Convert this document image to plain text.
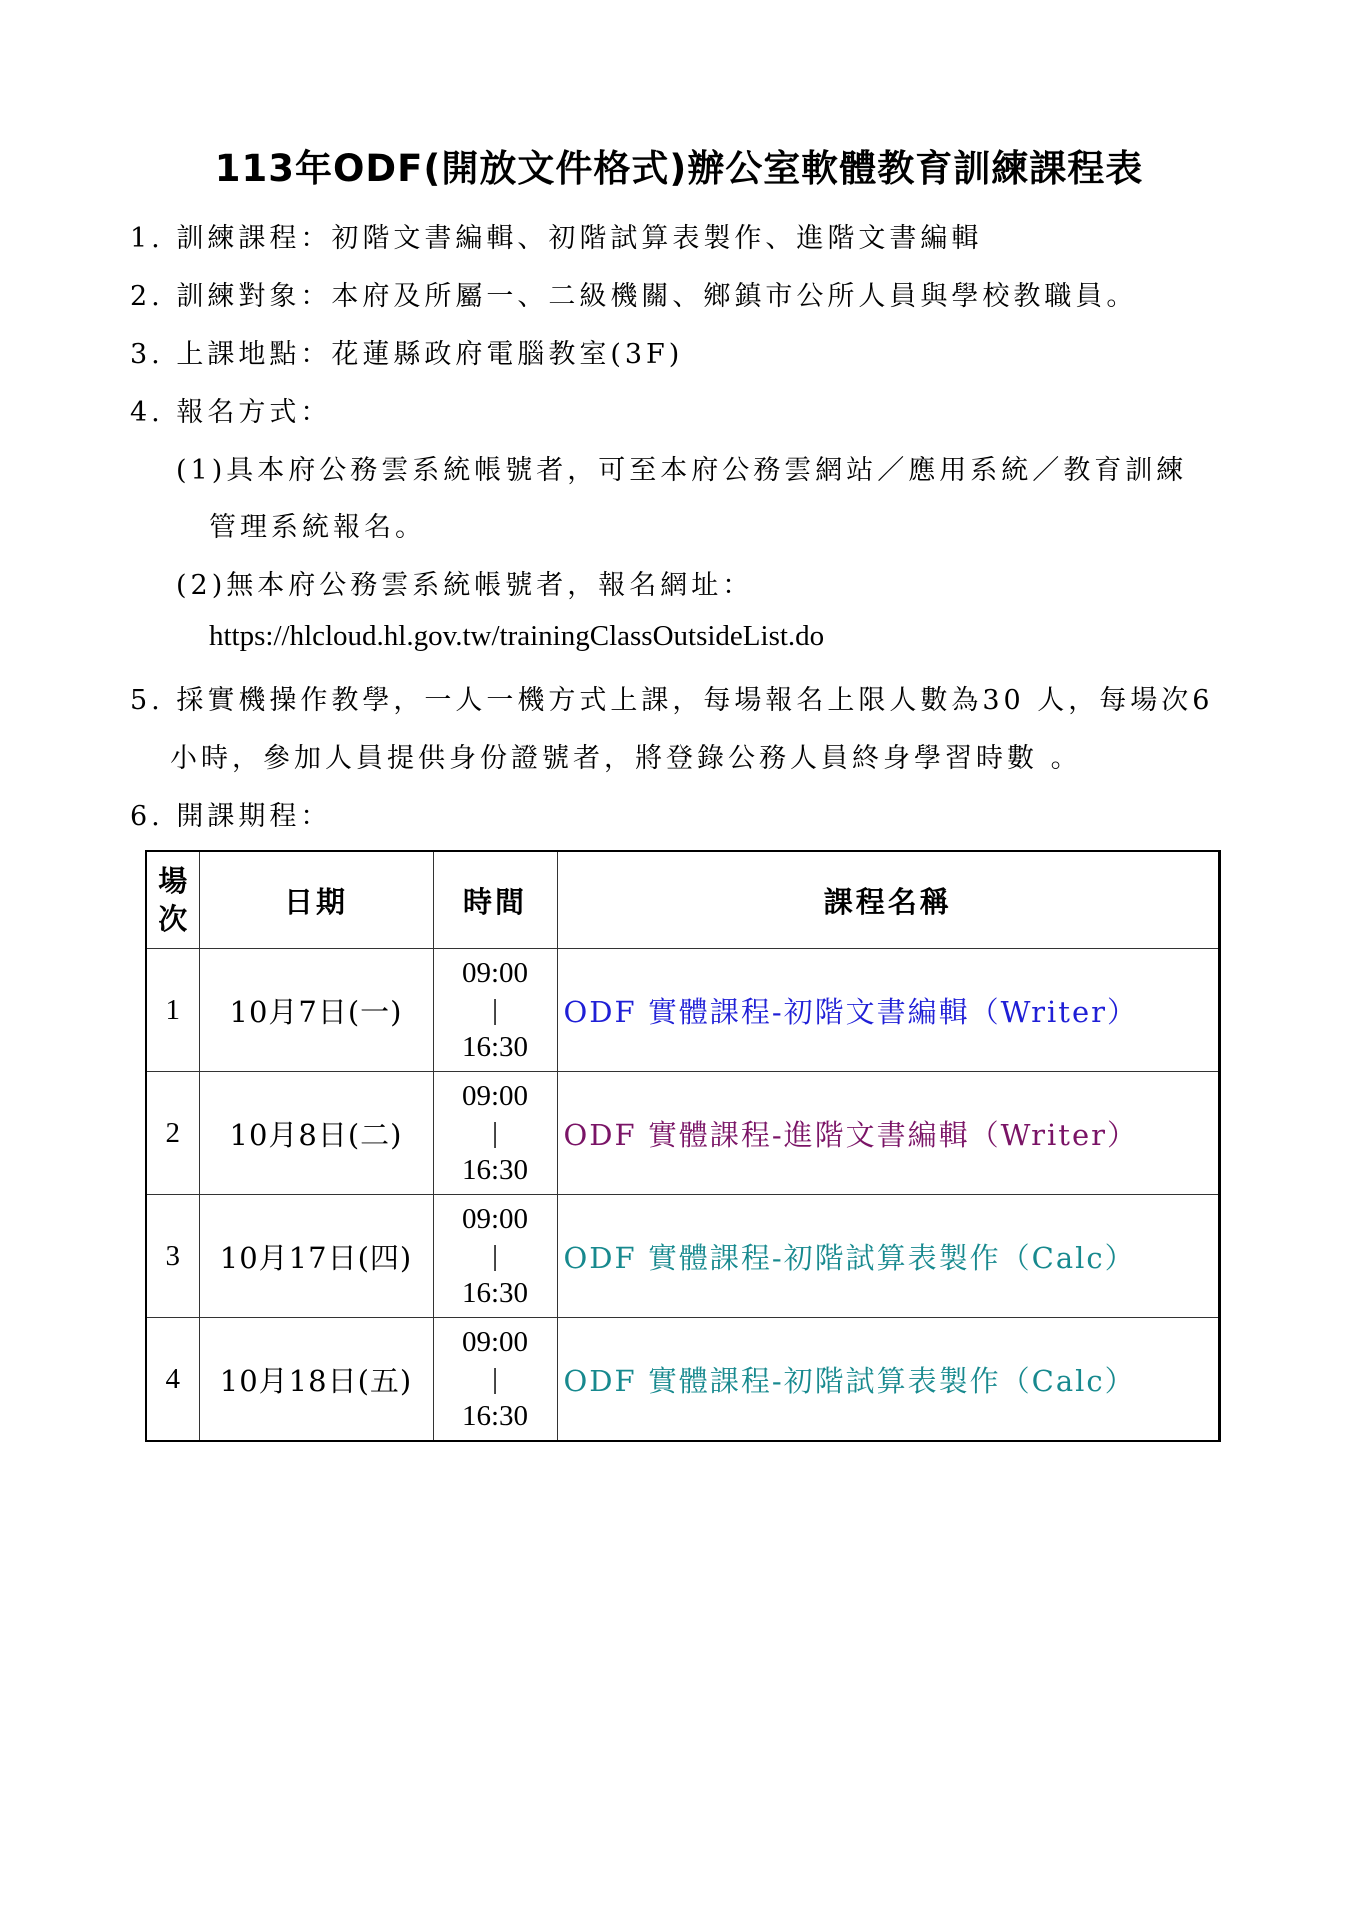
113年ODF(開放文件格式)辦公室軟體教育訓練課程表
1. 訓練課程：初階文書編輯、初階試算表製作、進階文書編輯
2. 訓練對象：本府及所屬一、二級機關、鄉鎮市公所人員與學校教職員。
3. 上課地點：花蓮縣政府電腦教室(3F)
4. 報名方式：
(1)具本府公務雲系統帳號者，可至本府公務雲網站／應用系統／教育訓練
管理系統報名。
(2)無本府公務雲系統帳號者，報名網址：
https://hlcloud.hl.gov.tw/trainingClassOutsideList.do
5. 採實機操作教學，一人一機方式上課，每場報名上限人數為30 人，每場次6
小時，參加人員提供身份證號者，將登錄公務人員終身學習時數 。
6. 開課期程：
場
次	日期	時間	課程名稱
1	10月7日(一)	09:00
|
16:30	ODF 實體課程-初階文書編輯（Writer）
2	10月8日(二)	09:00
|
16:30	ODF 實體課程-進階文書編輯（Writer）
3	10月17日(四)	09:00
|
16:30	ODF 實體課程-初階試算表製作（Calc）
4	10月18日(五)	09:00
|
16:30	ODF 實體課程-初階試算表製作（Calc）
